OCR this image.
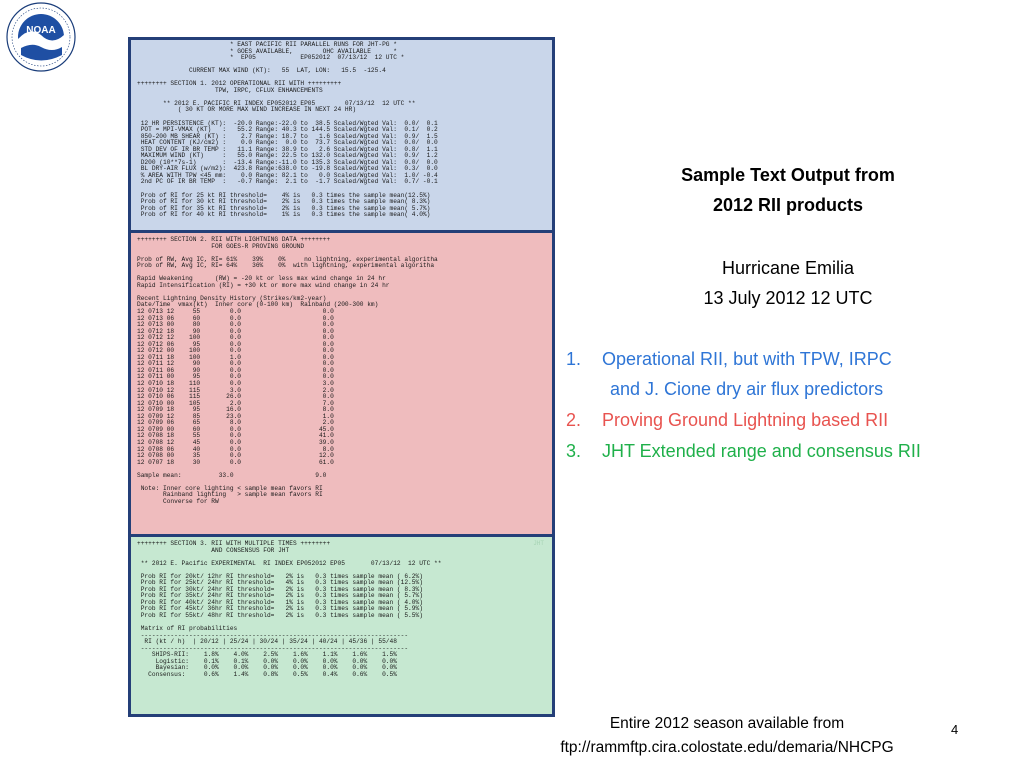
NOAA
* EAST PACIFIC RII PARALLEL RUNS FOR JHT-PG *
* GOES AVAILABLE,        OHC AVAILABLE      *
*  EP05            EP052012  07/13/12  12 UTC *

CURRENT MAX WIND (KT):   55  LAT, LON:   15.5  -125.4

++++++++ SECTION 1. 2012 OPERATIONAL RII WITH +++++++++
TPW, IRPC, CFLUX ENHANCEMENTS

** 2012 E. PACIFIC RI INDEX EP052012 EP05        07/13/12  12 UTC **
( 30 KT OR MORE MAX WIND INCREASE IN NEXT 24 HR)

12 HR PERSISTENCE (KT):  -20.0 Range:-22.0 to  38.5 Scaled/Wgted Val:  0.0/  0.1
POT = MPI-VMAX (KT)   :   55.2 Range: 40.3 to 144.5 Scaled/Wgted Val:  0.1/  0.2
850-200 MB SHEAR (KT) :    2.7 Range: 18.7 to   1.6 Scaled/Wgted Val:  0.9/  1.5
HEAT CONTENT (KJ/cm2) :    0.0 Range:  0.0 to  73.7 Scaled/Wgted Val:  0.0/  0.0
STD DEV OF IR BR TEMP :   11.1 Range: 38.9 to   2.6 Scaled/Wgted Val:  0.8/  1.1
MAXIMUM WIND (KT)     :   55.0 Range: 22.5 to 132.0 Scaled/Wgted Val:  0.9/  1.2
D200 (10**7s-1)       :  -13.4 Range:-11.0 to 135.3 Scaled/Wgted Val:  0.0/  0.0
BL DRY-AIR FLUX (w/m2):  423.8 Range:638.0 to -19.8 Scaled/Wgted Val:  0.3/  0.0
% AREA WITH TPW <45 mm:    0.0 Range: 82.1 to   0.0 Scaled/Wgted Val:  1.0/ -0.4
2nd PC OF IR BR TEMP  :   -0.7 Range:  2.1 to  -1.7 Scaled/Wgted Val:  0.7/ -0.1

Prob of RI for 25 kt RI threshold=    4% is   0.3 times the sample mean(12.5%)
Prob of RI for 30 kt RI threshold=    2% is   0.3 times the sample mean( 8.3%)
Prob of RI for 35 kt RI threshold=    2% is   0.3 times the sample mean( 5.7%)
Prob of RI for 40 kt RI threshold=    1% is   0.3 times the sample mean( 4.0%)

++++++++ SECTION 2. RII WITH LIGHTNING DATA ++++++++
FOR GOES-R PROVING GROUND

Prob of RW, Avg IC, RI= 61%    39%    0%     no lightning, experimental algoritha
Prob of RW, Avg IC, RI= 64%    36%    0%  with lightning, experimental algoritha

Rapid Weakening      (RW) = -20 kt or less max wind change in 24 hr
Rapid Intensification (RI) = +30 kt or more max wind change in 24 hr

Recent Lightning Density History (Strikes/km2-year)
Date/Time  vmax(kt)  Inner core (0-100 km)  Rainband (200-300 km)
12 0713 12     55        0.0                      0.0
12 0713 06     60        0.0                      0.0
12 0713 00     80        0.0                      0.0
12 0712 18     90        0.0                      0.0
12 0712 12    100        0.0                      0.0
12 0712 06     95        0.0                      0.0
12 0712 00    100        0.0                      0.0
12 0711 18    100        1.0                      0.0
12 0711 12     90        0.0                      0.0
12 0711 06     90        0.0                      0.0
12 0711 00     95        0.0                      0.0
12 0710 18    110        0.0                      3.0
12 0710 12    115        3.0                      2.0
12 0710 06    115       26.0                      0.0
12 0710 00    105        2.0                      7.0
12 0709 18     95       16.0                      8.0
12 0709 12     85       23.0                      1.0
12 0709 06     65        8.0                      2.0
12 0709 00     60        0.0                     45.0
12 0708 18     55        0.0                     41.0
12 0708 12     45        0.0                     39.0
12 0708 06     40        0.0                      8.0
12 0708 00     35        0.0                     12.0
12 0707 18     30        0.0                     61.0

Sample mean:          33.0                      9.0

Note: Inner core lighting < sample mean favors RI
Rainband lighting   > sample mean favors RI
Converse for RW

JHT
++++++++ SECTION 3. RII WITH MULTIPLE TIMES ++++++++
AND CONSENSUS FOR JHT

** 2012 E. Pacific EXPERIMENTAL  RI INDEX EP052012 EP05       07/13/12  12 UTC **

Prob RI for 20kt/ 12hr RI threshold=   2% is   0.3 times sample mean ( 6.2%)
Prob RI for 25kt/ 24hr RI threshold=   4% is   0.3 times sample mean (12.5%)
Prob RI for 30kt/ 24hr RI threshold=   2% is   0.3 times sample mean ( 8.3%)
Prob RI for 35kt/ 24hr RI threshold=   2% is   0.3 times sample mean ( 5.7%)
Prob RI for 40kt/ 24hr RI threshold=   1% is   0.3 times sample mean ( 4.0%)
Prob RI for 45kt/ 36hr RI threshold=   2% is   0.3 times sample mean ( 5.9%)
Prob RI for 55kt/ 48hr RI threshold=   2% is   0.3 times sample mean ( 5.5%)

Matrix of RI probabilities
------------------------------------------------------------------------
RI (kt / h)  | 20/12 | 25/24 | 30/24 | 35/24 | 40/24 | 45/36 | 55/48
------------------------------------------------------------------------
SHIPS-RII:    1.8%    4.0%    2.5%    1.6%    1.1%    1.6%    1.5%
Logistic:    0.1%    0.1%    0.0%    0.0%    0.0%    0.0%    0.0%
Bayesian:    0.0%    0.0%    0.0%    0.0%    0.0%    0.0%    0.0%
Consensus:     0.6%    1.4%    0.8%    0.5%    0.4%    0.6%    0.5%

Sample Text Output from
2012 RII products
Hurricane Emilia
13 July 2012 12 UTC
1. Operational RII, but with TPW, IRPC
and J. Cione dry air flux predictors
2. Proving Ground Lightning based RII
3. JHT Extended range and consensus RII
Entire 2012 season available from
ftp://rammftp.cira.colostate.edu/demaria/NHCPG
4
